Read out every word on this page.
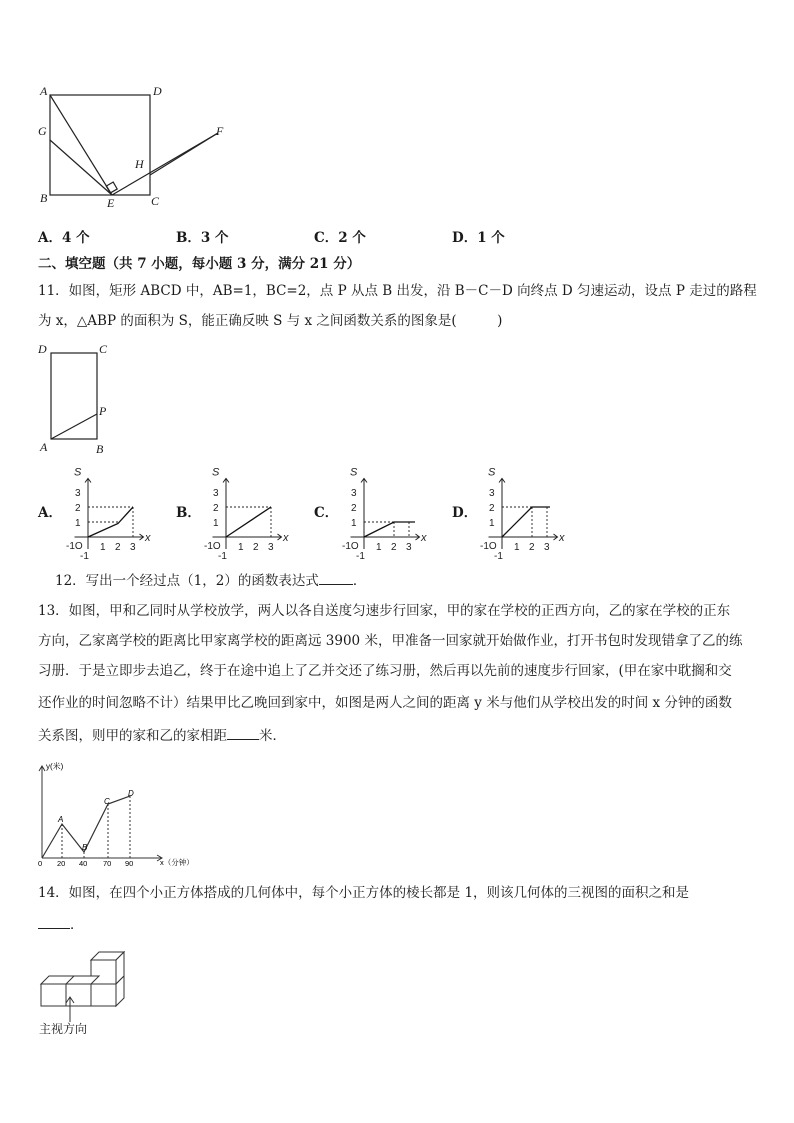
A	D
G	F
H
B	E	C
A．4 个	B．3 个	C．2 个	D．1 个
二、填空题（共 7 小题，每小题 3 分，满分 21 分）
11．如图，矩形 ABCD 中，AB=1，BC=2，点 P 从点 B 出发，沿 B－C－D 向终点 D 匀速运动，设点 P 走过的路程
为 x，△ABP 的面积为 S，能正确反映 S 与 x 之间函数关系的图象是(　　　)
D	C
P
A	B
A．	B．	C．	D．
S
x
-1O
-1
3
2
1
1 2 3
S
x
-1O
-1
3
2
1
1 2 3
S
x
-1O
-1
3
2
1
1 2 3
S
x
-1O
-1
3
2
1
1 2 3
12．写出一个经过点（1，2）的函数表达式	．
13．如图，甲和乙同时从学校放学，两人以各自送度匀速步行回家，甲的家在学校的正西方向，乙的家在学校的正东
方向，乙家离学校的距离比甲家离学校的距离远 3900 米，甲准备一回家就开始做作业，打开书包时发现错拿了乙的练
习册．于是立即步去追乙，终于在途中追上了乙并交还了练习册，然后再以先前的速度步行回家，(甲在家中耽搁和交
还作业的时间忽略不计）结果甲比乙晚回到家中，如图是两人之间的距离 y 米与他们从学校出发的时间 x 分钟的函数
关系图，则甲的家和乙的家相距 米．
y(米)
x（分钟）
0 20 40 70 90
A
B
C
D
14．如图，在四个小正方体搭成的几何体中，每个小正方体的棱长都是 1，则该几何体的三视图的面积之和是
．
主视方向
